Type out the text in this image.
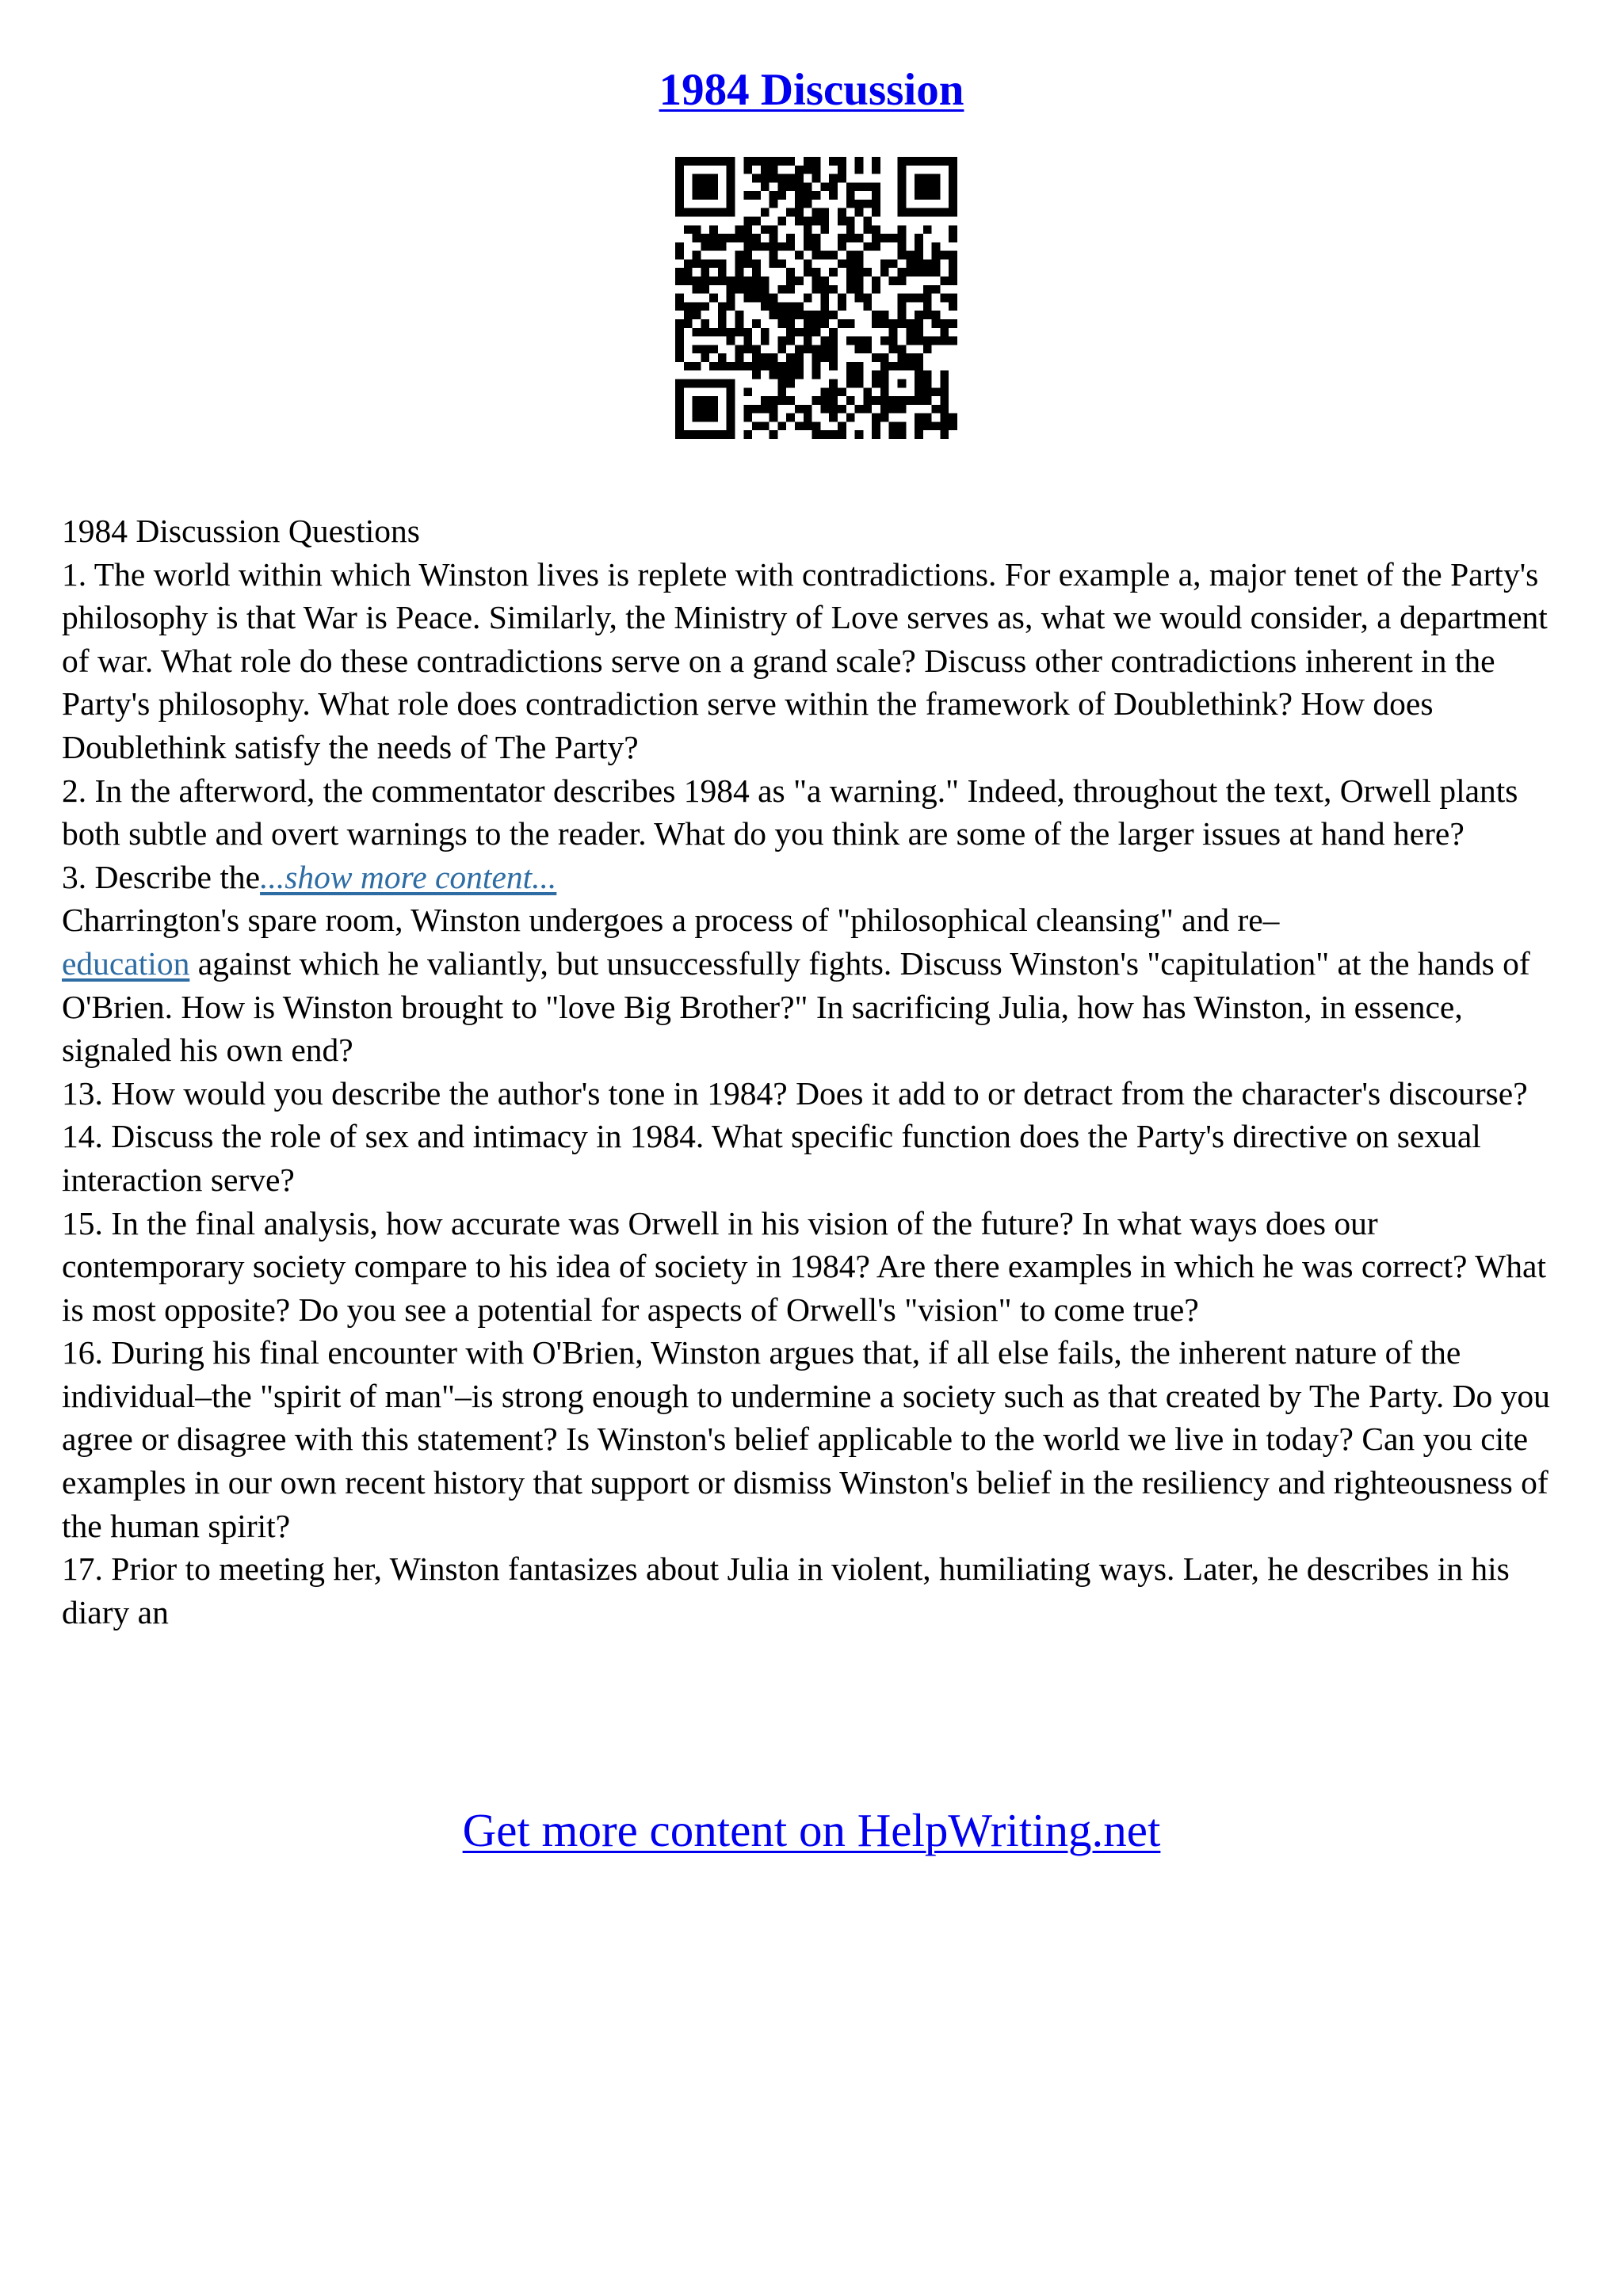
1984 Discussion

1984 Discussion Questions

1. The world within which Winston lives is replete with contradictions. For example a, major tenet of the Party's philosophy is that War is Peace. Similarly, the Ministry of Love serves as, what we would consider, a department of war. What role do these contradictions serve on a grand scale? Discuss other contradictions inherent in the Party's philosophy. What role does contradiction serve within the framework of Doublethink? How does Doublethink satisfy the needs of The Party?

2. In the afterword, the commentator describes 1984 as "a warning." Indeed, throughout the text, Orwell plants both subtle and overt warnings to the reader. What do you think are some of the larger issues at hand here?

3. Describe the...show more content...

Charrington's spare room, Winston undergoes a process of "philosophical cleansing" and re–
education against which he valiantly, but unsuccessfully fights. Discuss Winston's "capitulation" at the hands of O'Brien. How is Winston brought to "love Big Brother?" In sacrificing Julia, how has Winston, in essence, signaled his own end?

13. How would you describe the author's tone in 1984? Does it add to or detract from the character's discourse?

14. Discuss the role of sex and intimacy in 1984. What specific function does the Party's directive on sexual interaction serve?

15. In the final analysis, how accurate was Orwell in his vision of the future? In what ways does our contemporary society compare to his idea of society in 1984? Are there examples in which he was correct? What is most opposite? Do you see a potential for aspects of Orwell's "vision" to come true?

16. During his final encounter with O'Brien, Winston argues that, if all else fails, the inherent nature of the individual–the "spirit of man"–is strong enough to undermine a society such as that created by The Party. Do you agree or disagree with this statement? Is Winston's belief applicable to the world we live in today? Can you cite examples in our own recent history that support or dismiss Winston's belief in the resiliency and righteousness of the human spirit?

17. Prior to meeting her, Winston fantasizes about Julia in violent, humiliating ways. Later, he describes in his diary an

Get more content on HelpWriting.net
